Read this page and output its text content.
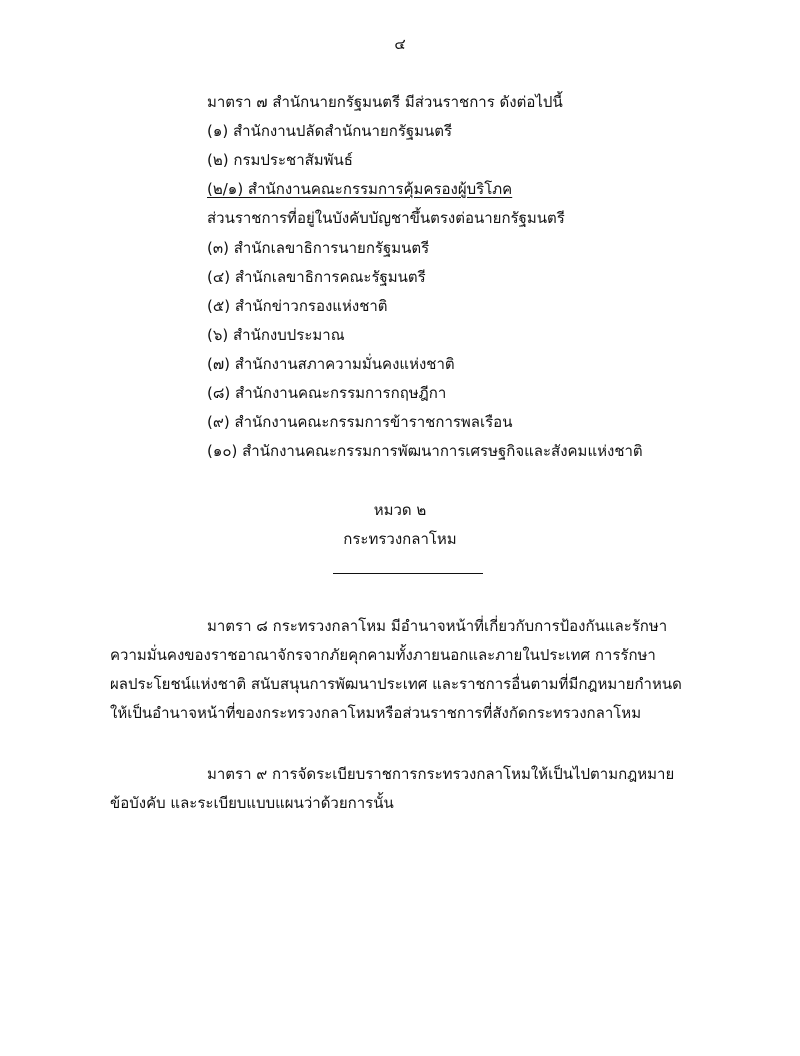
๔
มาตรา ๗ สำนักนายกรัฐมนตรี มีส่วนราชการ ดังต่อไปนี้
(๑) สำนักงานปลัดสำนักนายกรัฐมนตรี
(๒) กรมประชาสัมพันธ์
(๒/๑) สำนักงานคณะกรรมการคุ้มครองผู้บริโภค
ส่วนราชการที่อยู่ในบังคับบัญชาขึ้นตรงต่อนายกรัฐมนตรี
(๓) สำนักเลขาธิการนายกรัฐมนตรี
(๔) สำนักเลขาธิการคณะรัฐมนตรี
(๕) สำนักข่าวกรองแห่งชาติ
(๖) สำนักงบประมาณ
(๗) สำนักงานสภาความมั่นคงแห่งชาติ
(๘) สำนักงานคณะกรรมการกฤษฎีกา
(๙) สำนักงานคณะกรรมการข้าราชการพลเรือน
(๑๐) สำนักงานคณะกรรมการพัฒนาการเศรษฐกิจและสังคมแห่งชาติ
หมวด ๒
กระทรวงกลาโหม
มาตรา ๘ กระทรวงกลาโหม มีอำนาจหน้าที่เกี่ยวกับการป้องกันและรักษา
ความมั่นคงของราชอาณาจักรจากภัยคุกคามทั้งภายนอกและภายในประเทศ การรักษา
ผลประโยชน์แห่งชาติ สนับสนุนการพัฒนาประเทศ และราชการอื่นตามที่มีกฎหมายกำหนด
ให้เป็นอำนาจหน้าที่ของกระทรวงกลาโหมหรือส่วนราชการที่สังกัดกระทรวงกลาโหม
มาตรา ๙ การจัดระเบียบราชการกระทรวงกลาโหมให้เป็นไปตามกฎหมาย
ข้อบังคับ และระเบียบแบบแผนว่าด้วยการนั้น
